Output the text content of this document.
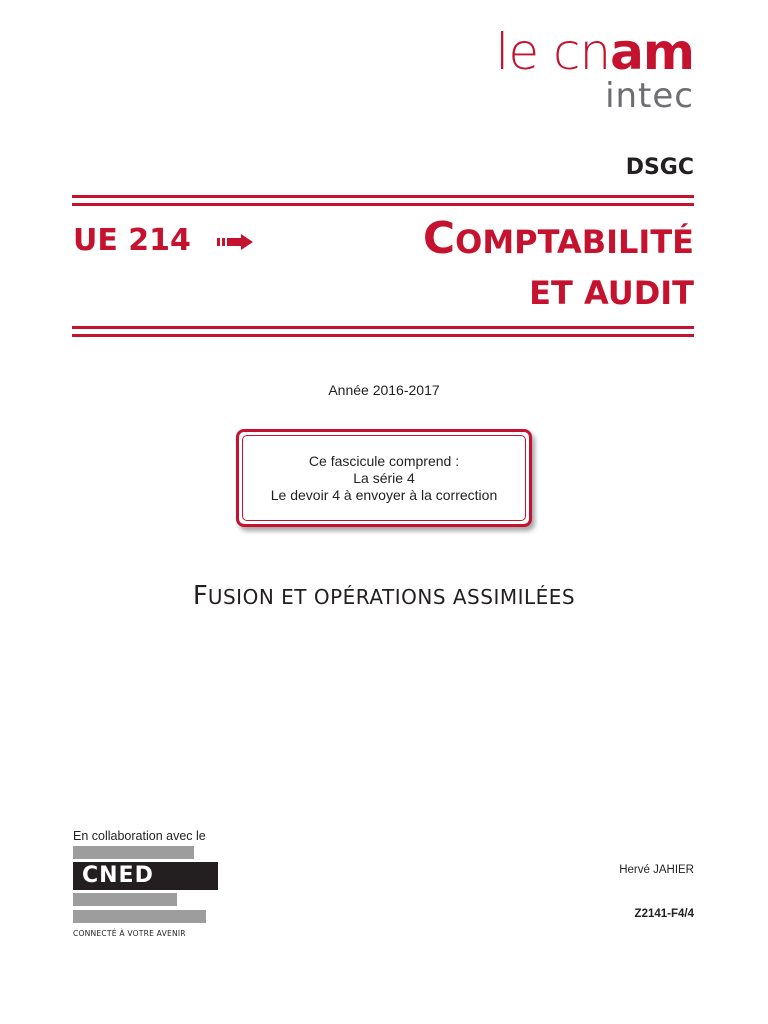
le cnam
intec
DSGC
UE 214	COMPTABILITÉ
ET AUDIT
Année 2016-2017
Ce fascicule comprend :
La série 4
Le devoir 4 à envoyer à la correction
FUSION ET OPÉRATIONS ASSIMILÉES
En collaboration avec le
CNED
CONNECTÉ À VOTRE AVENIR
Hervé JAHIER
Z2141-F4/4
